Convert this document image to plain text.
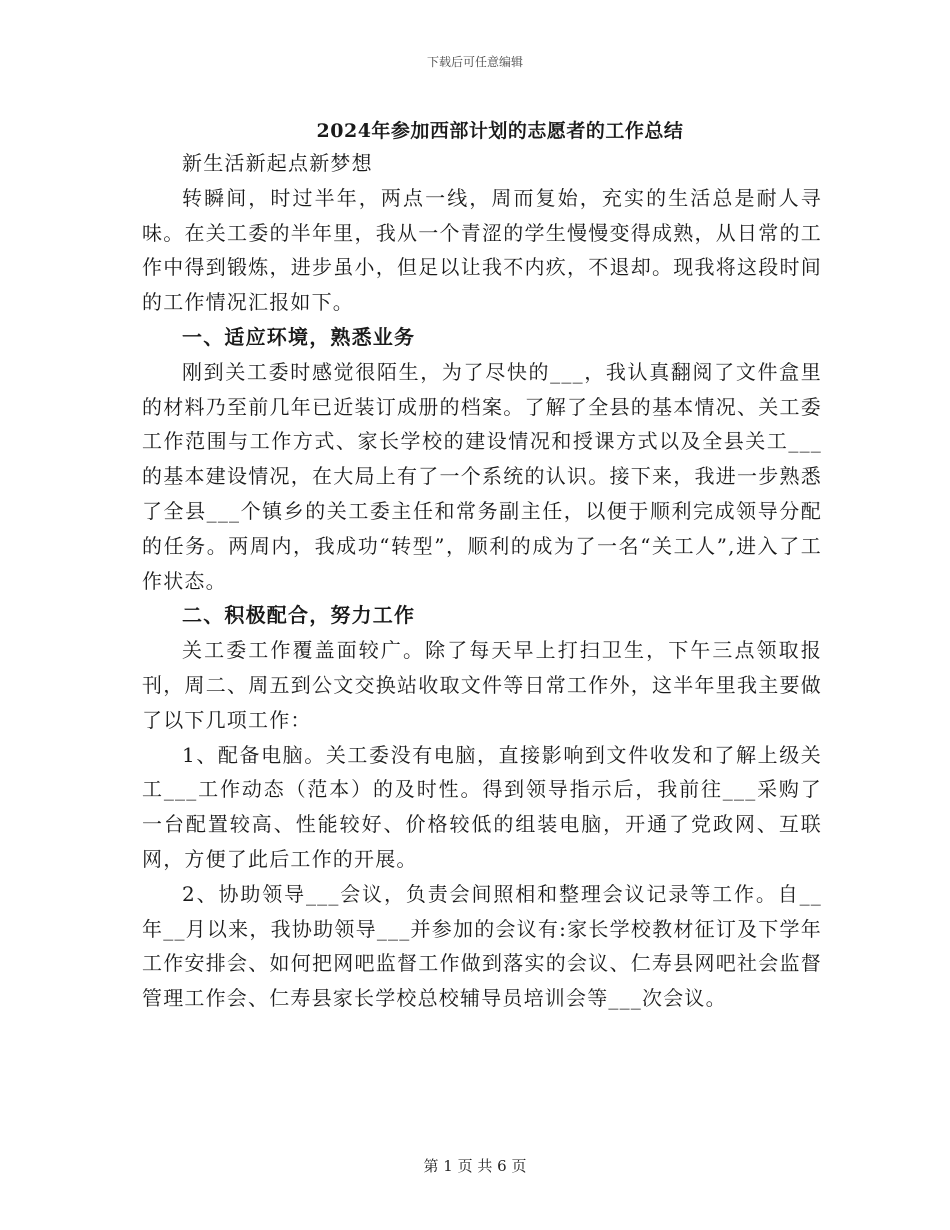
下载后可任意编辑
2024年参加西部计划的志愿者的工作总结

新生活新起点新梦想

转瞬间，时过半年，两点一线，周而复始，充实的生活总是耐人寻味。在关工委的半年里，我从一个青涩的学生慢慢变得成熟，从日常的工作中得到锻炼，进步虽小，但足以让我不内疚，不退却。现我将这段时间的工作情况汇报如下。

一、适应环境，熟悉业务

刚到关工委时感觉很陌生，为了尽快的___，我认真翻阅了文件盒里的材料乃至前几年已近装订成册的档案。了解了全县的基本情况、关工委工作范围与工作方式、家长学校的建设情况和授课方式以及全县关工___的基本建设情况，在大局上有了一个系统的认识。接下来，我进一步熟悉了全县___个镇乡的关工委主任和常务副主任，以便于顺利完成领导分配的任务。两周内，我成功“转型”，顺利的成为了一名“关工人”,进入了工作状态。

二、积极配合，努力工作

关工委工作覆盖面较广。除了每天早上打扫卫生，下午三点领取报刊，周二、周五到公文交换站收取文件等日常工作外，这半年里我主要做了以下几项工作：

1、配备电脑。关工委没有电脑，直接影响到文件收发和了解上级关工___工作动态（范本）的及时性。得到领导指示后，我前往___采购了一台配置较高、性能较好、价格较低的组装电脑，开通了党政网、互联网，方便了此后工作的开展。

2、协助领导___会议，负责会间照相和整理会议记录等工作。自__年__月以来，我协助领导___并参加的会议有:家长学校教材征订及下学年工作安排会、如何把网吧监督工作做到落实的会议、仁寿县网吧社会监督管理工作会、仁寿县家长学校总校辅导员培训会等___次会议。

第 1 页 共 6 页
